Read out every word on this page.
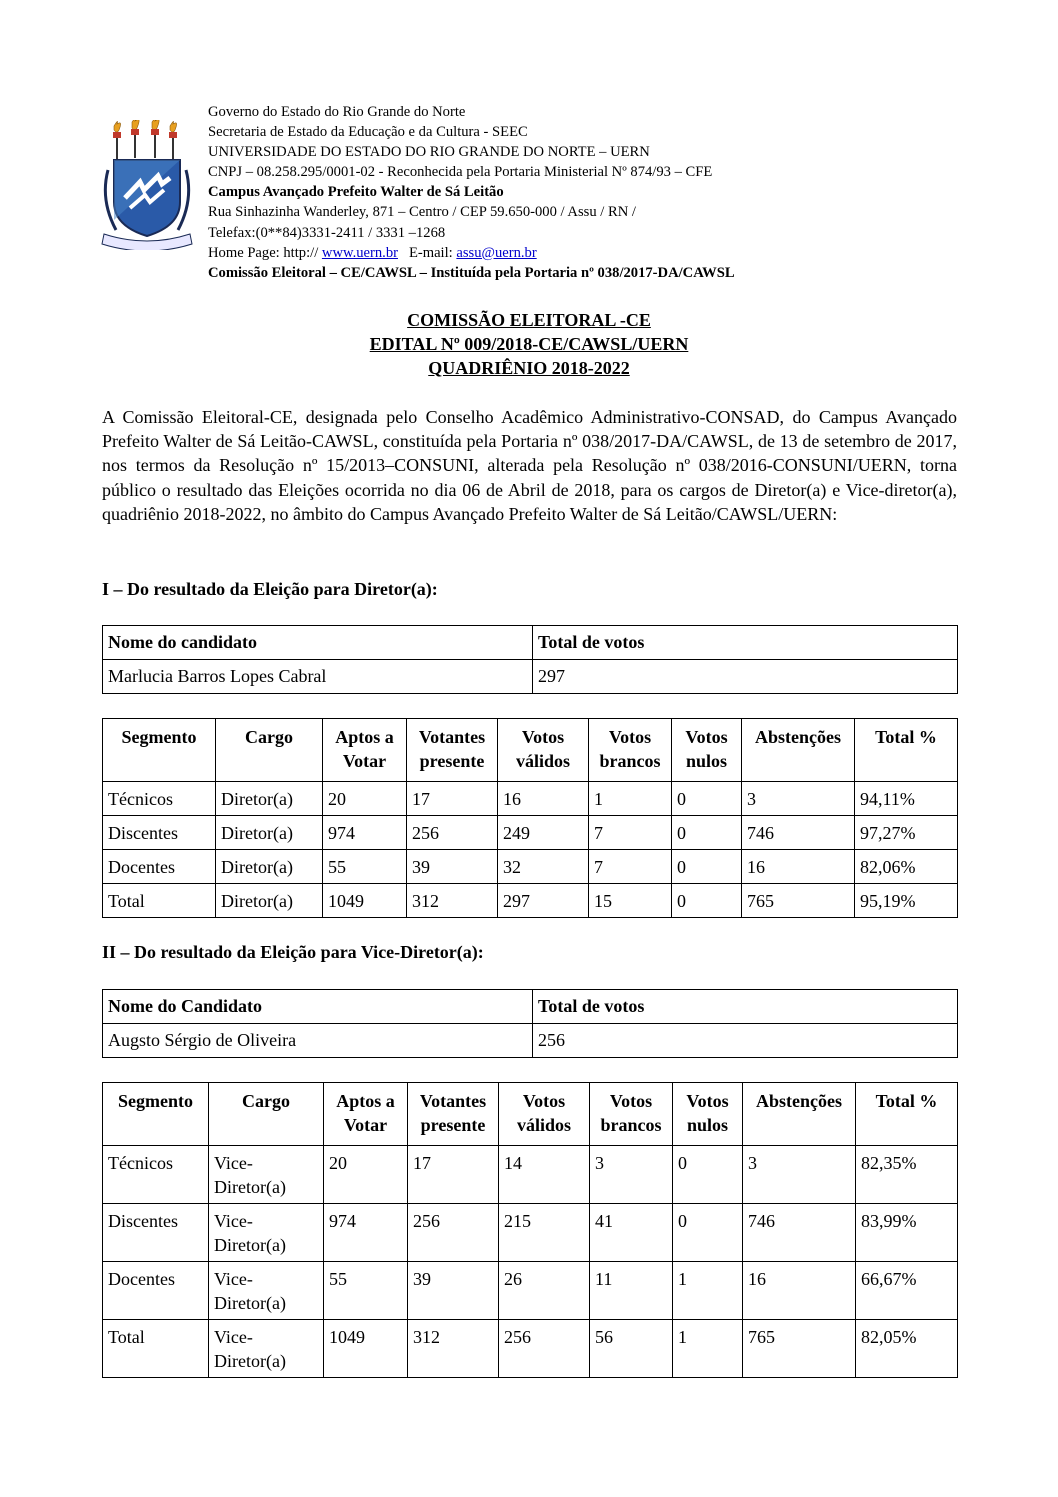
Governo do Estado do Rio Grande do Norte
Secretaria de Estado da Educação e da Cultura - SEEC
UNIVERSIDADE DO ESTADO DO RIO GRANDE DO NORTE – UERN
CNPJ – 08.258.295/0001-02 - Reconhecida pela Portaria Ministerial Nº 874/93 – CFE
Campus Avançado Prefeito Walter de Sá Leitão
Rua Sinhazinha Wanderley, 871 – Centro / CEP 59.650-000 / Assu / RN /
Telefax:(0**84)3331-2411 / 3331 –1268
Home Page: http:// www.uern.br E-mail: assu@uern.br
Comissão Eleitoral – CE/CAWSL – Instituída pela Portaria nº 038/2017-DA/CAWSL
COMISSÃO ELEITORAL -CE
EDITAL Nº 009/2018-CE/CAWSL/UERN
QUADRIÊNIO 2018-2022
A Comissão Eleitoral-CE, designada pelo Conselho Acadêmico Administrativo-CONSAD, do Campus Avançado Prefeito Walter de Sá Leitão-CAWSL, constituída pela Portaria nº 038/2017-DA/CAWSL, de 13 de setembro de 2017, nos termos da Resolução nº 15/2013–CONSUNI, alterada pela Resolução nº 038/2016-CONSUNI/UERN, torna público o resultado das Eleições ocorrida no dia 06 de Abril de 2018, para os cargos de Diretor(a) e Vice-diretor(a), quadriênio 2018-2022, no âmbito do Campus Avançado Prefeito Walter de Sá Leitão/CAWSL/UERN:
I – Do resultado da Eleição para Diretor(a):
Nome do candidato	Total de votos
Marlucia Barros Lopes Cabral	297
Segmento	Cargo	Aptos a Votar	Votantes presente	Votos válidos	Votos brancos	Votos nulos	Abstenções	Total %
Técnicos	Diretor(a)	20	17	16	1	0	3	94,11%
Discentes	Diretor(a)	974	256	249	7	0	746	97,27%
Docentes	Diretor(a)	55	39	32	7	0	16	82,06%
Total	Diretor(a)	1049	312	297	15	0	765	95,19%
II – Do resultado da Eleição para Vice-Diretor(a):
Nome do Candidato	Total de votos
Augsto Sérgio de Oliveira	256
Segmento	Cargo	Aptos a Votar	Votantes presente	Votos válidos	Votos brancos	Votos nulos	Abstenções	Total %
Técnicos	Vice-Diretor(a)	20	17	14	3	0	3	82,35%
Discentes	Vice-Diretor(a)	974	256	215	41	0	746	83,99%
Docentes	Vice-Diretor(a)	55	39	26	11	1	16	66,67%
Total	Vice-Diretor(a)	1049	312	256	56	1	765	82,05%
